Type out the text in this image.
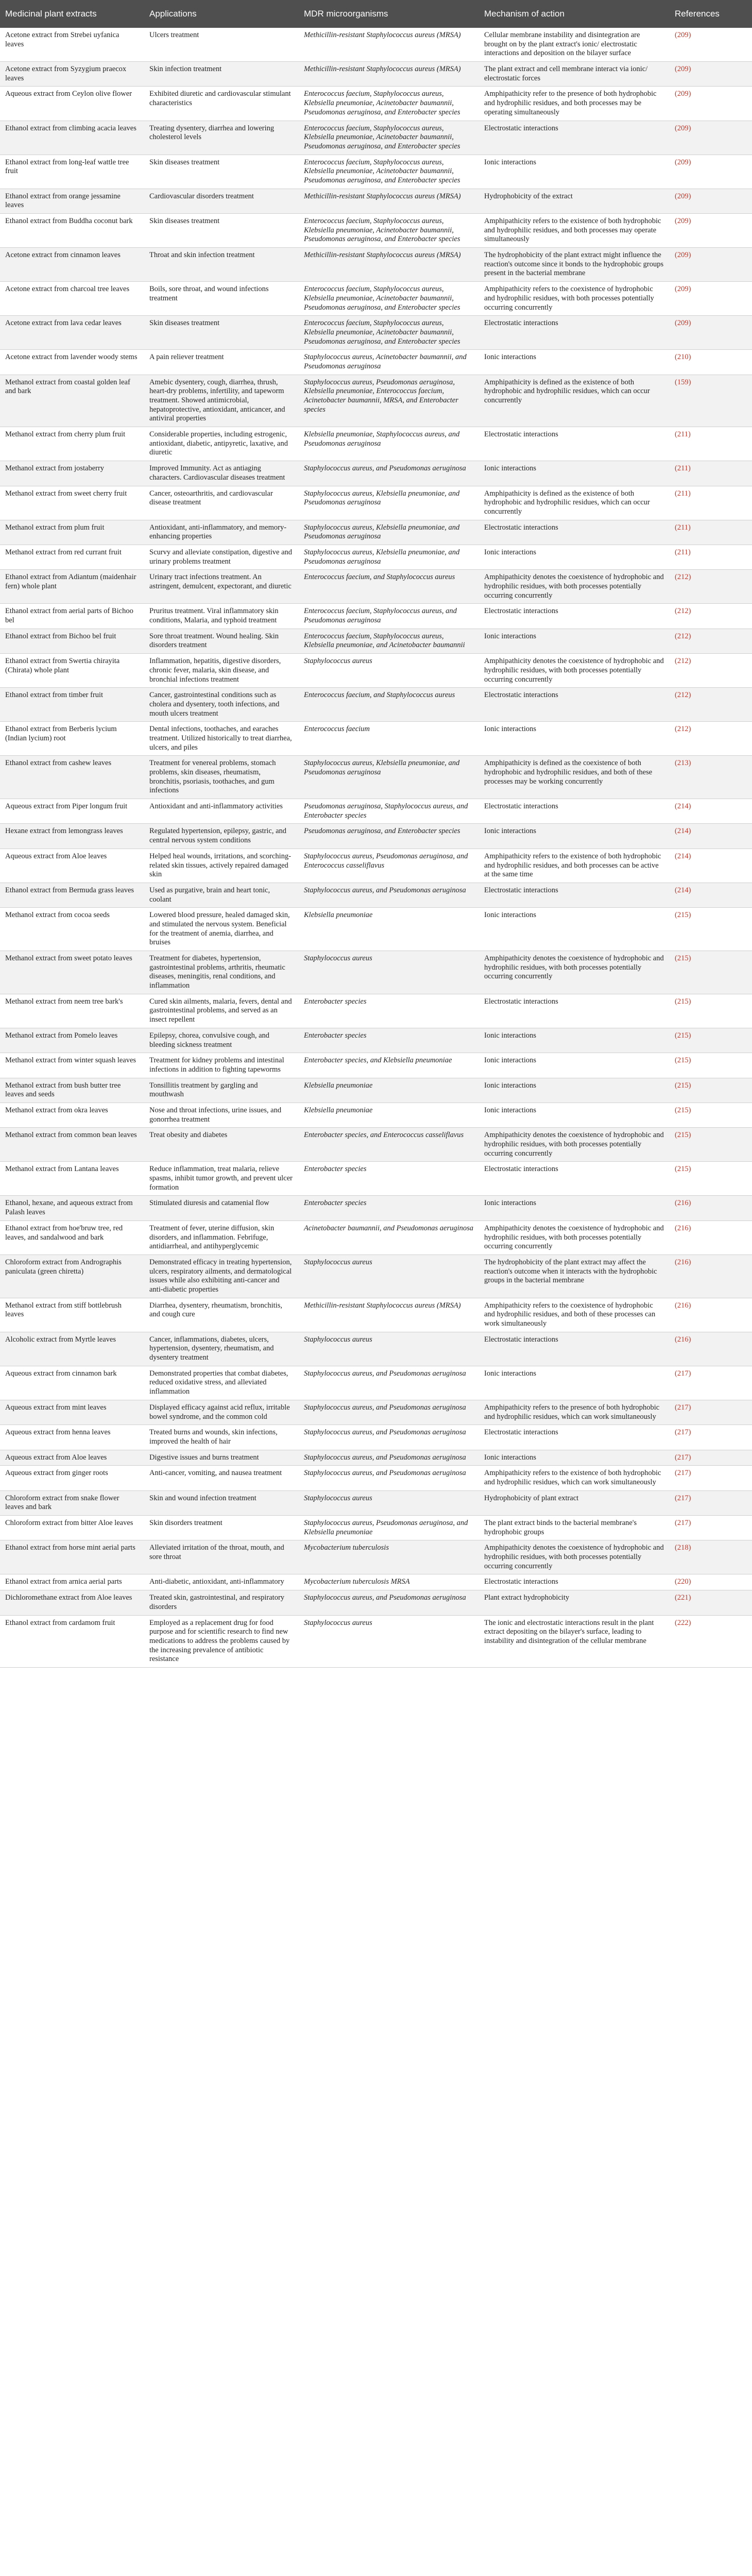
Medicinal plant extracts	Applications	MDR microorganisms	Mechanism of action	References
Acetone extract from Strebei uyfanica leaves	Ulcers treatment	Methicillin-resistant Staphylococcus aureus (MRSA)	Cellular membrane instability and disintegration are brought on by the plant extract's ionic/ electrostatic interactions and deposition on the bilayer surface	(209)
Acetone extract from Syzygium praecox leaves	Skin infection treatment	Methicillin-resistant Staphylococcus aureus (MRSA)	The plant extract and cell membrane interact via ionic/ electrostatic forces	(209)
Aqueous extract from Ceylon olive flower	Exhibited diuretic and cardiovascular stimulant characteristics	Enterococcus faecium, Staphylococcus aureus, Klebsiella pneumoniae, Acinetobacter baumannii, Pseudomonas aeruginosa, and Enterobacter species	Amphipathicity refer to the presence of both hydrophobic and hydrophilic residues, and both processes may be operating simultaneously	(209)
Ethanol extract from climbing acacia leaves	Treating dysentery, diarrhea and lowering cholesterol levels	Enterococcus faecium, Staphylococcus aureus, Klebsiella pneumoniae, Acinetobacter baumannii, Pseudomonas aeruginosa, and Enterobacter species	Electrostatic interactions	(209)
Ethanol extract from long-leaf wattle tree fruit	Skin diseases treatment	Enterococcus faecium, Staphylococcus aureus, Klebsiella pneumoniae, Acinetobacter baumannii, Pseudomonas aeruginosa, and Enterobacter species	Ionic interactions	(209)
Ethanol extract from orange jessamine leaves	Cardiovascular disorders treatment	Methicillin-resistant Staphylococcus aureus (MRSA)	Hydrophobicity of the extract	(209)
Ethanol extract from Buddha coconut bark	Skin diseases treatment	Enterococcus faecium, Staphylococcus aureus, Klebsiella pneumoniae, Acinetobacter baumannii, Pseudomonas aeruginosa, and Enterobacter species	Amphipathicity refers to the existence of both hydrophobic and hydrophilic residues, and both processes may operate simultaneously	(209)
Acetone extract from cinnamon leaves	Throat and skin infection treatment	Methicillin-resistant Staphylococcus aureus (MRSA)	The hydrophobicity of the plant extract might influence the reaction's outcome since it bonds to the hydrophobic groups present in the bacterial membrane	(209)
Acetone extract from charcoal tree leaves	Boils, sore throat, and wound infections treatment	Enterococcus faecium, Staphylococcus aureus, Klebsiella pneumoniae, Acinetobacter baumannii, Pseudomonas aeruginosa, and Enterobacter species	Amphipathicity refers to the coexistence of hydrophobic and hydrophilic residues, with both processes potentially occurring concurrently	(209)
Acetone extract from lava cedar leaves	Skin diseases treatment	Enterococcus faecium, Staphylococcus aureus, Klebsiella pneumoniae, Acinetobacter baumannii, Pseudomonas aeruginosa, and Enterobacter species	Electrostatic interactions	(209)
Acetone extract from lavender woody stems	A pain reliever treatment	Staphylococcus aureus, Acinetobacter baumannii, and Pseudomonas aeruginosa	Ionic interactions	(210)
Methanol extract from coastal golden leaf and bark	Amebic dysentery, cough, diarrhea, thrush, heart-dry problems, infertility, and tapeworm treatment. Showed antimicrobial, hepatoprotective, antioxidant, anticancer, and antiviral properties	Staphylococcus aureus, Pseudomonas aeruginosa, Klebsiella pneumoniae, Enterococcus faecium, Acinetobacter baumannii, MRSA, and Enterobacter species	Amphipathicity is defined as the existence of both hydrophobic and hydrophilic residues, which can occur concurrently	(159)
Methanol extract from cherry plum fruit	Considerable properties, including estrogenic, antioxidant, diabetic, antipyretic, laxative, and diuretic	Klebsiella pneumoniae, Staphylococcus aureus, and Pseudomonas aeruginosa	Electrostatic interactions	(211)
Methanol extract from jostaberry	Improved Immunity. Act as antiaging characters. Cardiovascular diseases treatment	Staphylococcus aureus, and Pseudomonas aeruginosa	Ionic interactions	(211)
Methanol extract from sweet cherry fruit	Cancer, osteoarthritis, and cardiovascular disease treatment	Staphylococcus aureus, Klebsiella pneumoniae, and Pseudomonas aeruginosa	Amphipathicity is defined as the existence of both hydrophobic and hydrophilic residues, which can occur concurrently	(211)
Methanol extract from plum fruit	Antioxidant, anti-inflammatory, and memory-enhancing properties	Staphylococcus aureus, Klebsiella pneumoniae, and Pseudomonas aeruginosa	Electrostatic interactions	(211)
Methanol extract from red currant fruit	Scurvy and alleviate constipation, digestive and urinary problems treatment	Staphylococcus aureus, Klebsiella pneumoniae, and Pseudomonas aeruginosa	Ionic interactions	(211)
Ethanol extract from Adiantum (maidenhair fern) whole plant	Urinary tract infections treatment. An astringent, demulcent, expectorant, and diuretic	Enterococcus faecium, and Staphylococcus aureus	Amphipathicity denotes the coexistence of hydrophobic and hydrophilic residues, with both processes potentially occurring concurrently	(212)
Ethanol extract from aerial parts of Bichoo bel	Pruritus treatment. Viral inflammatory skin conditions, Malaria, and typhoid treatment	Enterococcus faecium, Staphylococcus aureus, and Pseudomonas aeruginosa	Electrostatic interactions	(212)
Ethanol extract from Bichoo bel fruit	Sore throat treatment. Wound healing. Skin disorders treatment	Enterococcus faecium, Staphylococcus aureus, Klebsiella pneumoniae, and Acinetobacter baumannii	Ionic interactions	(212)
Ethanol extract from Swertia chirayita (Chirata) whole plant	Inflammation, hepatitis, digestive disorders, chronic fever, malaria, skin disease, and bronchial infections treatment	Staphylococcus aureus	Amphipathicity denotes the coexistence of hydrophobic and hydrophilic residues, with both processes potentially occurring concurrently	(212)
Ethanol extract from timber fruit	Cancer, gastrointestinal conditions such as cholera and dysentery, tooth infections, and mouth ulcers treatment	Enterococcus faecium, and Staphylococcus aureus	Electrostatic interactions	(212)
Ethanol extract from Berberis lycium (Indian lycium) root	Dental infections, toothaches, and earaches treatment. Utilized historically to treat diarrhea, ulcers, and piles	Enterococcus faecium	Ionic interactions	(212)
Ethanol extract from cashew leaves	Treatment for venereal problems, stomach problems, skin diseases, rheumatism, bronchitis, psoriasis, toothaches, and gum infections	Staphylococcus aureus, Klebsiella pneumoniae, and Pseudomonas aeruginosa	Amphipathicity is defined as the coexistence of both hydrophobic and hydrophilic residues, and both of these processes may be working concurrently	(213)
Aqueous extract from Piper longum fruit	Antioxidant and anti-inflammatory activities	Pseudomonas aeruginosa, Staphylococcus aureus, and Enterobacter species	Electrostatic interactions	(214)
Hexane extract from lemongrass leaves	Regulated hypertension, epilepsy, gastric, and central nervous system conditions	Pseudomonas aeruginosa, and Enterobacter species	Ionic interactions	(214)
Aqueous extract from Aloe leaves	Helped heal wounds, irritations, and scorching-related skin tissues, actively repaired damaged skin	Staphylococcus aureus, Pseudomonas aeruginosa, and Enterococcus casseliflavus	Amphipathicity refers to the existence of both hydrophobic and hydrophilic residues, and both processes can be active at the same time	(214)
Ethanol extract from Bermuda grass leaves	Used as purgative, brain and heart tonic, coolant	Staphylococcus aureus, and Pseudomonas aeruginosa	Electrostatic interactions	(214)
Methanol extract from cocoa seeds	Lowered blood pressure, healed damaged skin, and stimulated the nervous system. Beneficial for the treatment of anemia, diarrhea, and bruises	Klebsiella pneumoniae	Ionic interactions	(215)
Methanol extract from sweet potato leaves	Treatment for diabetes, hypertension, gastrointestinal problems, arthritis, rheumatic diseases, meningitis, renal conditions, and inflammation	Staphylococcus aureus	Amphipathicity denotes the coexistence of hydrophobic and hydrophilic residues, with both processes potentially occurring concurrently	(215)
Methanol extract from neem tree bark's	Cured skin ailments, malaria, fevers, dental and gastrointestinal problems, and served as an insect repellent	Enterobacter species	Electrostatic interactions	(215)
Methanol extract from Pomelo leaves	Epilepsy, chorea, convulsive cough, and bleeding sickness treatment	Enterobacter species	Ionic interactions	(215)
Methanol extract from winter squash leaves	Treatment for kidney problems and intestinal infections in addition to fighting tapeworms	Enterobacter species, and Klebsiella pneumoniae	Ionic interactions	(215)
Methanol extract from bush butter tree leaves and seeds	Tonsillitis treatment by gargling and mouthwash	Klebsiella pneumoniae	Ionic interactions	(215)
Methanol extract from okra leaves	Nose and throat infections, urine issues, and gonorrhea treatment	Klebsiella pneumoniae	Ionic interactions	(215)
Methanol extract from common bean leaves	Treat obesity and diabetes	Enterobacter species, and Enterococcus casseliflavus	Amphipathicity denotes the coexistence of hydrophobic and hydrophilic residues, with both processes potentially occurring concurrently	(215)
Methanol extract from Lantana leaves	Reduce inflammation, treat malaria, relieve spasms, inhibit tumor growth, and prevent ulcer formation	Enterobacter species	Electrostatic interactions	(215)
Ethanol, hexane, and aqueous extract from Palash leaves	Stimulated diuresis and catamenial flow	Enterobacter species	Ionic interactions	(216)
Ethanol extract from hoe'bruw tree, red leaves, and sandalwood and bark	Treatment of fever, uterine diffusion, skin disorders, and inflammation. Febrifuge, antidiarrheal, and antihyperglycemic	Acinetobacter baumannii, and Pseudomonas aeruginosa	Amphipathicity denotes the coexistence of hydrophobic and hydrophilic residues, with both processes potentially occurring concurrently	(216)
Chloroform extract from Andrographis paniculata (green chiretta)	Demonstrated efficacy in treating hypertension, ulcers, respiratory ailments, and dermatological issues while also exhibiting anti-cancer and anti-diabetic properties	Staphylococcus aureus	The hydrophobicity of the plant extract may affect the reaction's outcome when it interacts with the hydrophobic groups in the bacterial membrane	(216)
Methanol extract from stiff bottlebrush leaves	Diarrhea, dysentery, rheumatism, bronchitis, and cough cure	Methicillin-resistant Staphylococcus aureus (MRSA)	Amphipathicity refers to the coexistence of hydrophobic and hydrophilic residues, and both of these processes can work simultaneously	(216)
Alcoholic extract from Myrtle leaves	Cancer, inflammations, diabetes, ulcers, hypertension, dysentery, rheumatism, and dysentery treatment	Staphylococcus aureus	Electrostatic interactions	(216)
Aqueous extract from cinnamon bark	Demonstrated properties that combat diabetes, reduced oxidative stress, and alleviated inflammation	Staphylococcus aureus, and Pseudomonas aeruginosa	Ionic interactions	(217)
Aqueous extract from mint leaves	Displayed efficacy against acid reflux, irritable bowel syndrome, and the common cold	Staphylococcus aureus, and Pseudomonas aeruginosa	Amphipathicity refers to the presence of both hydrophobic and hydrophilic residues, which can work simultaneously	(217)
Aqueous extract from henna leaves	Treated burns and wounds, skin infections, improved the health of hair	Staphylococcus aureus, and Pseudomonas aeruginosa	Electrostatic interactions	(217)
Aqueous extract from Aloe leaves	Digestive issues and burns treatment	Staphylococcus aureus, and Pseudomonas aeruginosa	Ionic interactions	(217)
Aqueous extract from ginger roots	Anti-cancer, vomiting, and nausea treatment	Staphylococcus aureus, and Pseudomonas aeruginosa	Amphipathicity refers to the existence of both hydrophobic and hydrophilic residues, which can work simultaneously	(217)
Chloroform extract from snake flower leaves and bark	Skin and wound infection treatment	Staphylococcus aureus	Hydrophobicity of plant extract	(217)
Chloroform extract from bitter Aloe leaves	Skin disorders treatment	Staphylococcus aureus, Pseudomonas aeruginosa, and Klebsiella pneumoniae	The plant extract binds to the bacterial membrane's hydrophobic groups	(217)
Ethanol extract from horse mint aerial parts	Alleviated irritation of the throat, mouth, and sore throat	Mycobacterium tuberculosis	Amphipathicity denotes the coexistence of hydrophobic and hydrophilic residues, with both processes potentially occurring concurrently	(218)
Ethanol extract from arnica aerial parts	Anti-diabetic, antioxidant, anti-inflammatory	Mycobacterium tuberculosis MRSA	Electrostatic interactions	(220)
Dichloromethane extract from Aloe leaves	Treated skin, gastrointestinal, and respiratory disorders	Staphylococcus aureus, and Pseudomonas aeruginosa	Plant extract hydrophobicity	(221)
Ethanol extract from cardamom fruit	Employed as a replacement drug for food purpose and for scientific research to find new medications to address the problems caused by the increasing prevalence of antibiotic resistance	Staphylococcus aureus	The ionic and electrostatic interactions result in the plant extract depositing on the bilayer's surface, leading to instability and disintegration of the cellular membrane	(222)
